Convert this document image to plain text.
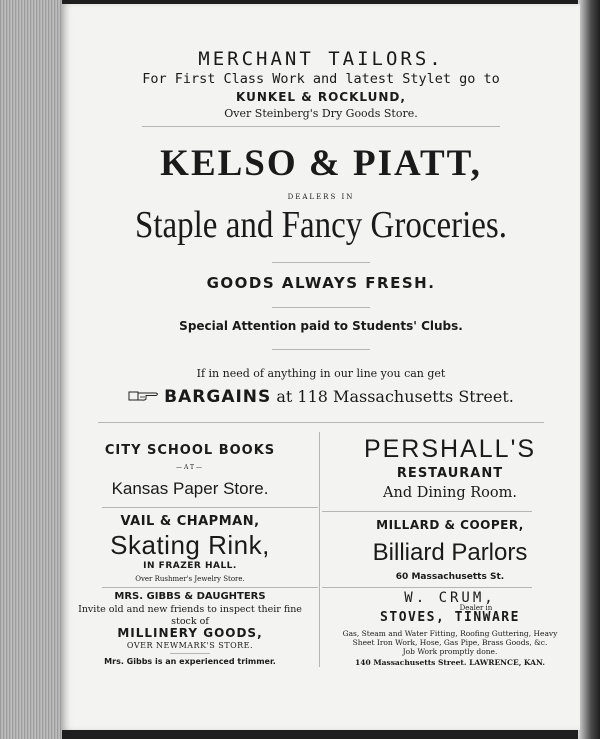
MERCHANT TAILORS.
For First Class Work and latest Stylet go to
KUNKEL & ROCKLUND,
Over Steinberg's Dry Goods Store.
KELSO & PIATT,
DEALERS IN
Staple and Fancy Groceries.
GOODS ALWAYS FRESH.
Special Attention paid to Students' Clubs.
If in need of anything in our line you can get
BARGAINS at 118 Massachusetts Street.
CITY SCHOOL BOOKS
—AT—
Kansas Paper Store.
VAIL & CHAPMAN,
Skating Rink,
IN FRAZER HALL.
Over Rushmer's Jewelry Store.
MRS. GIBBS & DAUGHTERS
Invite old and new friends to inspect their fine
stock of
MILLINERY GOODS,
OVER NEWMARK'S STORE.
Mrs. Gibbs is an experienced trimmer.
PERSHALL'S
RESTAURANT
And Dining Room.
MILLARD & COOPER,
Billiard Parlors
60 Massachusetts St.
W. CRUM,
Dealer in
STOVES, TINWARE
Gas, Steam and Water Fitting, Roofing Guttering, Heavy
Sheet Iron Work, Hose, Gas Pipe, Brass Goods, &c.
Job Work promptly done.
140 Massachusetts Street. LAWRENCE, KAN.
